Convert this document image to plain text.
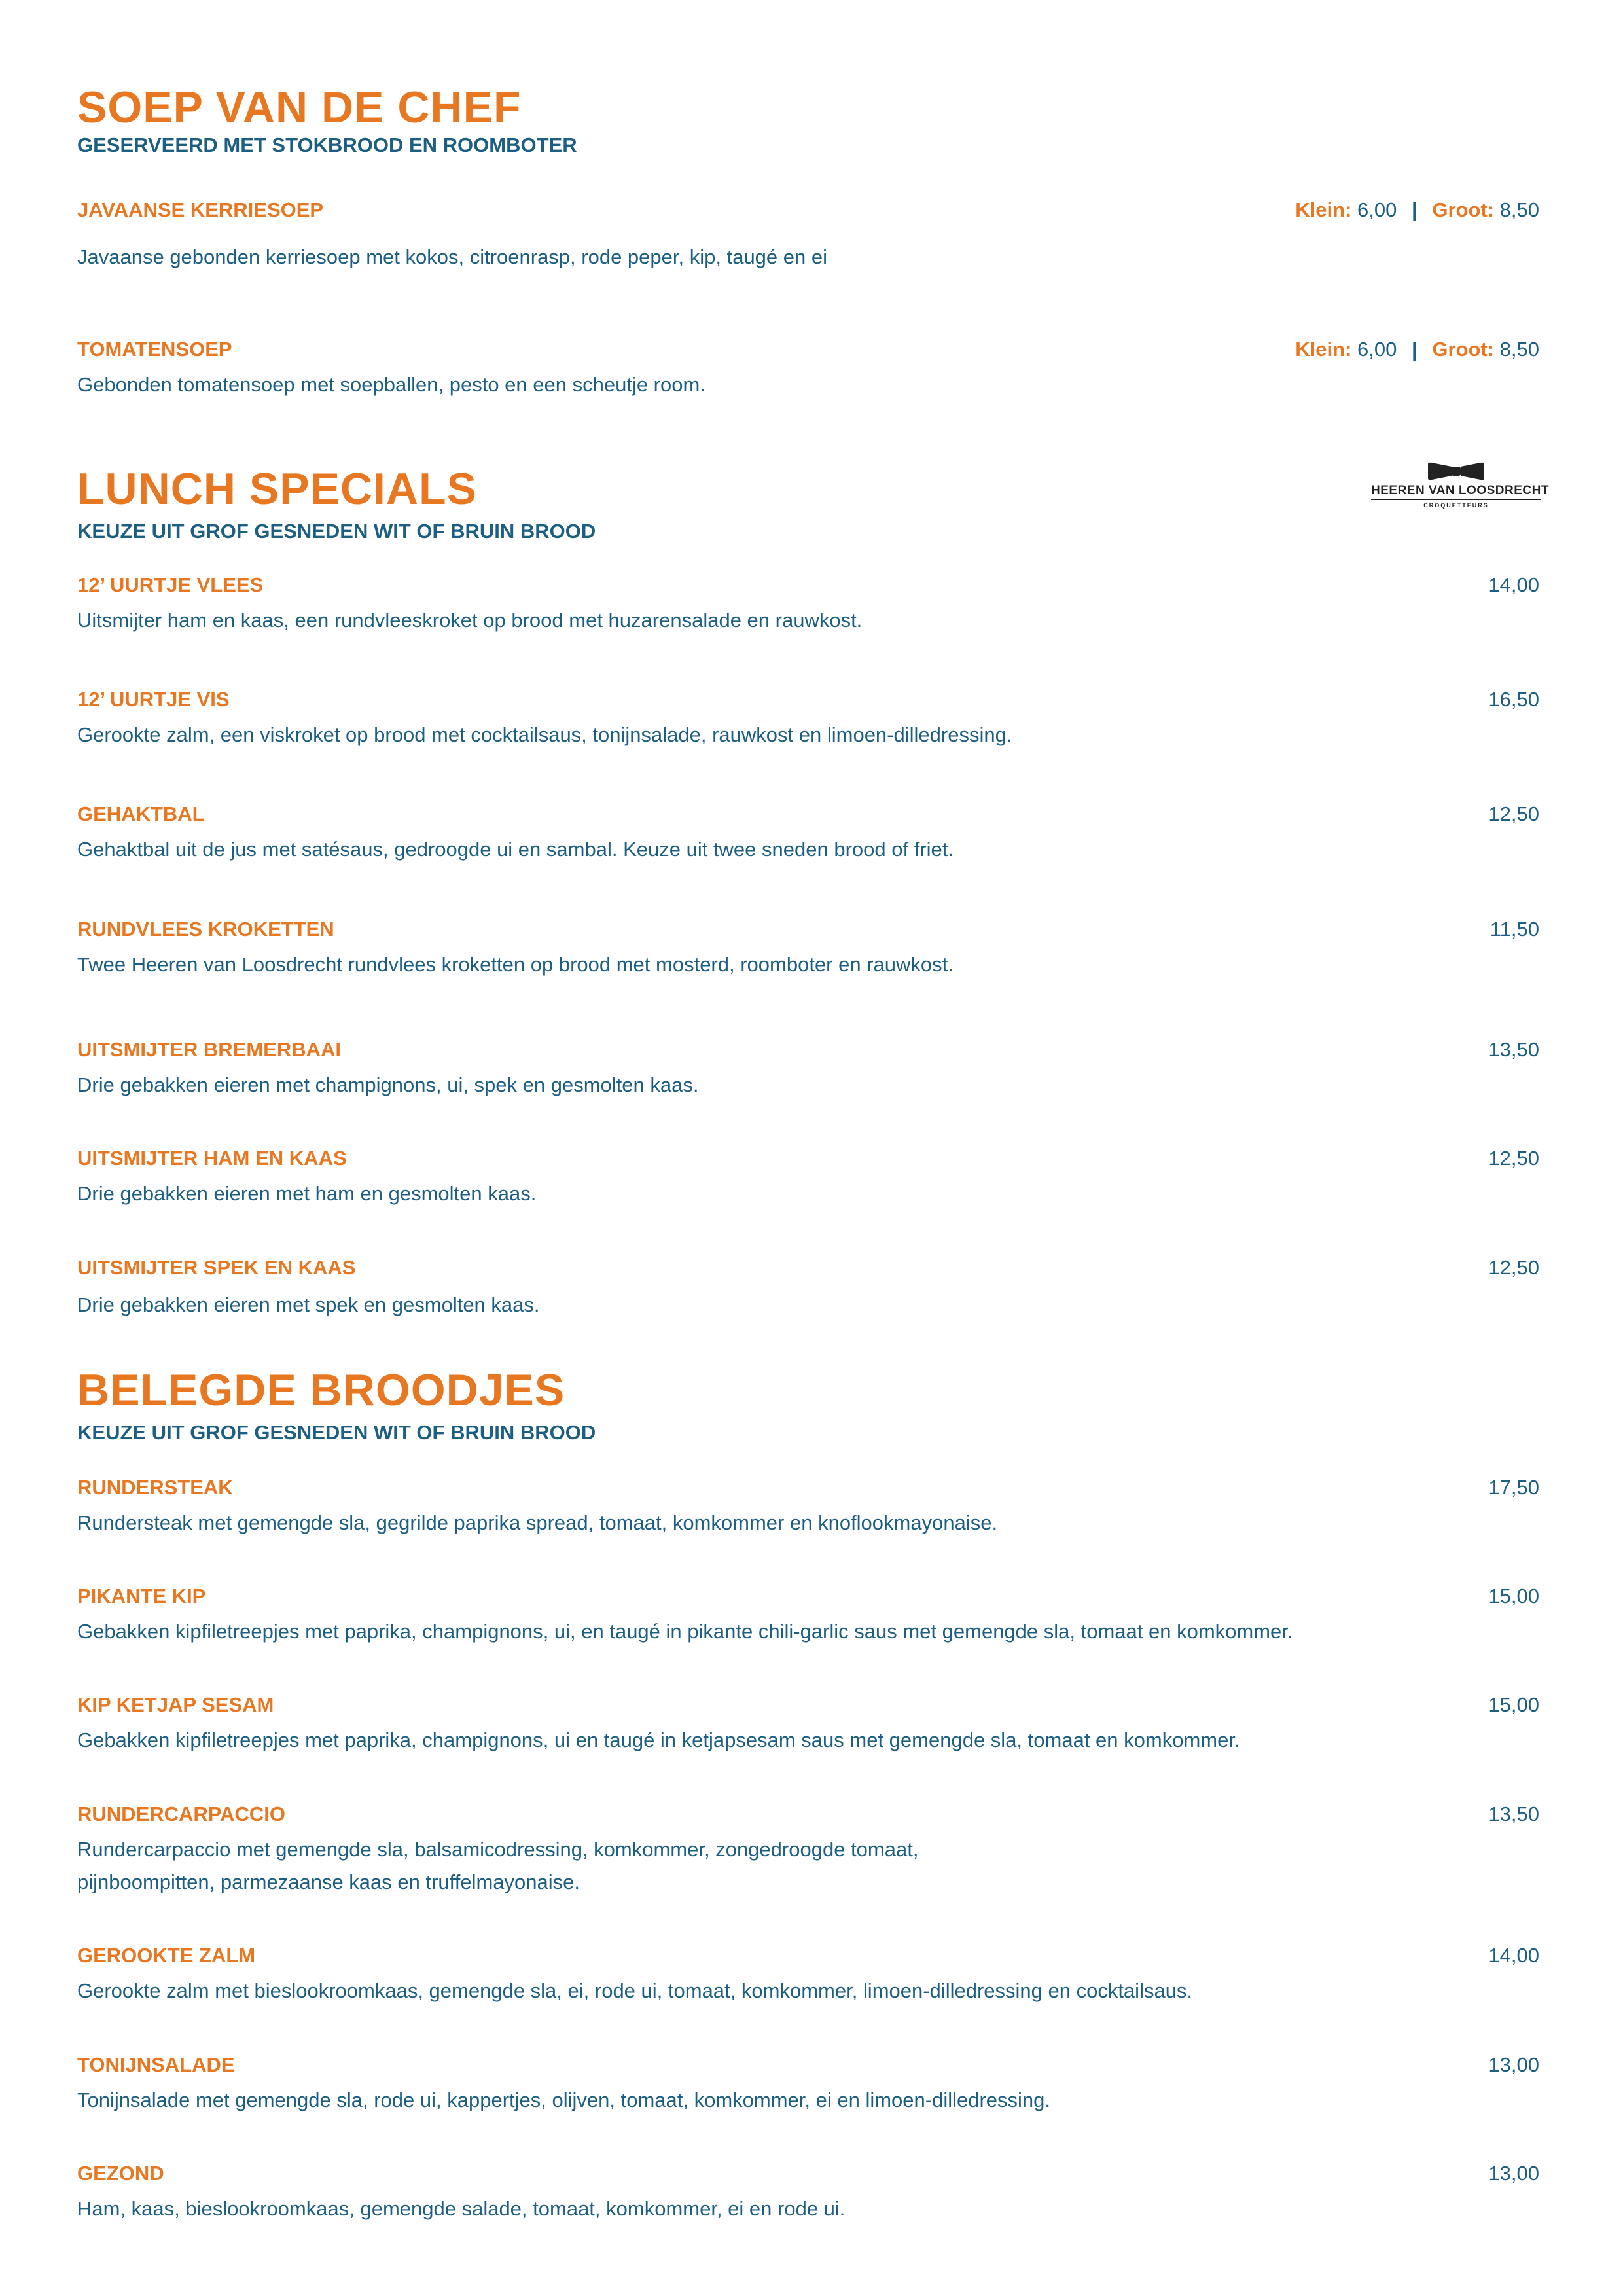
SOEP VAN DE CHEF
GESERVEERD MET STOKBROOD EN ROOMBOTER
JAVAANSE KERRIESOEP	Klein: 6,00 | Groot: 8,50
Javaanse gebonden kerriesoep met kokos, citroenrasp, rode peper, kip, taugé en ei
TOMATENSOEP	Klein: 6,00 | Groot: 8,50
Gebonden tomatensoep met soepballen, pesto en een scheutje room.
LUNCH SPECIALS
KEUZE UIT GROF GESNEDEN WIT OF BRUIN BROOD
HEEREN VAN LOOSDRECHT
CROQUETTEURS
12’ UURTJE VLEES	14,00
Uitsmijter ham en kaas, een rundvleeskroket op brood met huzarensalade en rauwkost.
12’ UURTJE VIS	16,50
Gerookte zalm, een viskroket op brood met cocktailsaus, tonijnsalade, rauwkost en limoen-dilledressing.
GEHAKTBAL	12,50
Gehaktbal uit de jus met satésaus, gedroogde ui en sambal. Keuze uit twee sneden brood of friet.
RUNDVLEES KROKETTEN	11,50
Twee Heeren van Loosdrecht rundvlees kroketten op brood met mosterd, roomboter en rauwkost.
UITSMIJTER BREMERBAAI	13,50
Drie gebakken eieren met champignons, ui, spek en gesmolten kaas.
UITSMIJTER HAM EN KAAS	12,50
Drie gebakken eieren met ham en gesmolten kaas.
UITSMIJTER SPEK EN KAAS	12,50
Drie gebakken eieren met spek en gesmolten kaas.
BELEGDE BROODJES
KEUZE UIT GROF GESNEDEN WIT OF BRUIN BROOD
RUNDERSTEAK	17,50
Rundersteak met gemengde sla, gegrilde paprika spread, tomaat, komkommer en knoflookmayonaise.
PIKANTE KIP	15,00
Gebakken kipfiletreepjes met paprika, champignons, ui, en taugé in pikante chili-garlic saus met gemengde sla, tomaat en komkommer.
KIP KETJAP SESAM	15,00
Gebakken kipfiletreepjes met paprika, champignons, ui en taugé in ketjapsesam saus met gemengde sla, tomaat en komkommer.
RUNDERCARPACCIO	13,50
Rundercarpaccio met gemengde sla, balsamicodressing, komkommer, zongedroogde tomaat,
pijnboompitten, parmezaanse kaas en truffelmayonaise.
GEROOKTE ZALM	14,00
Gerookte zalm met bieslookroomkaas, gemengde sla, ei, rode ui, tomaat, komkommer, limoen-dilledressing en cocktailsaus.
TONIJNSALADE	13,00
Tonijnsalade met gemengde sla, rode ui, kappertjes, olijven, tomaat, komkommer, ei en limoen-dilledressing.
GEZOND	13,00
Ham, kaas, bieslookroomkaas, gemengde salade, tomaat, komkommer, ei en rode ui.
